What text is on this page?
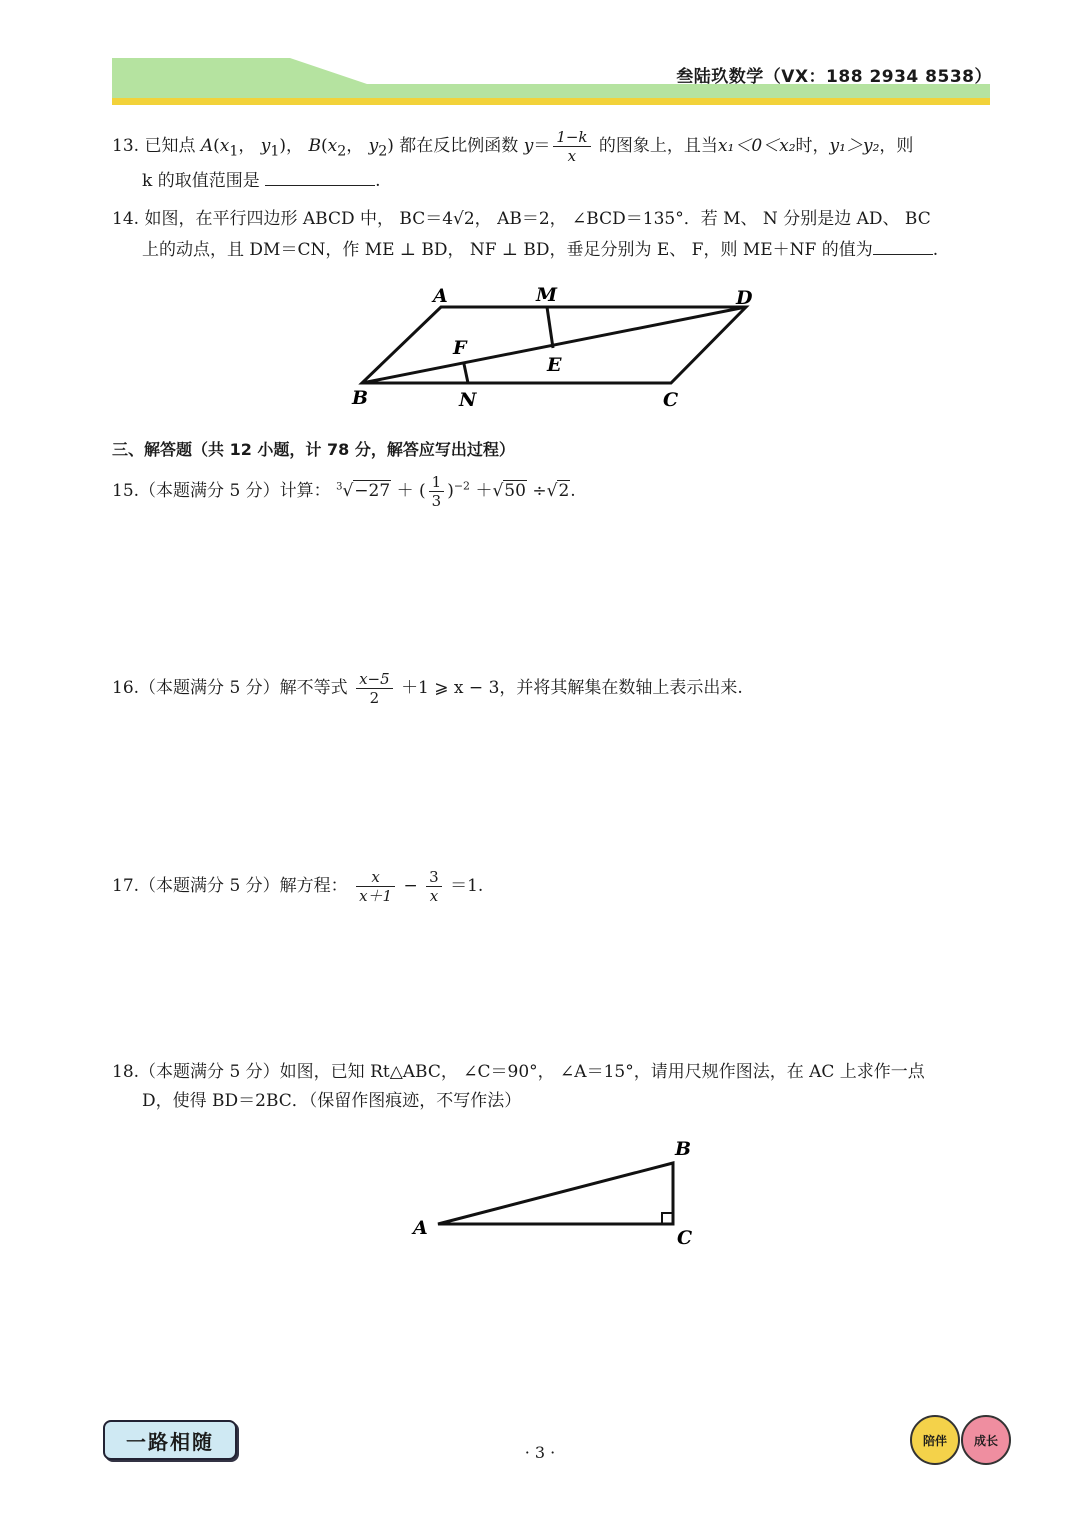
叁陆玖数学（VX：188 2934 8538）
13. 已知点 $A(x_1$， $y_1$)， $B(x_2$， $y_2$) 都在反比例函数 $y= \frac{1-k}{x}$ 的图象上，且当x₁＜0＜x₂时，y₁＞y₂，则
k 的取值范围是	.
14. 如图，在平行四边形 ABCD 中， BC＝4√2， AB＝2， ∠BCD＝135°．若 M、 N 分别是边 AD、 BC
上的动点，且 DM＝CN，作 ME ⊥ BD， NF ⊥ BD，垂足分别为 E、 F，则 ME＋NF 的值为	.
A	M	D
F
E
B	N	C
三、解答题（共 12 小题，计 78 分，解答应写出过程）
15.（本题满分 5 分）计算： $^3$√−27 ＋ ( $\frac{1}{3} )^{-2} +√50 \div√2$.
16.（本题满分 5 分）解不等式 $\frac{x-5}{2} +1$ ⩾ x − 3，并将其解集在数轴上表示出来.
17.（本题满分 5 分）解方程： $\frac{x}{x+1} - \frac{3}{x} =1$.
18.（本题满分 5 分）如图，已知 Rt△ABC， ∠C＝90°， ∠A＝15°，请用尺规作图法，在 AC 上求作一点
D，使得 BD＝2BC．（保留作图痕迹，不写作法）
A
B
C
一路相随	· 3 ·
陪伴	成长
